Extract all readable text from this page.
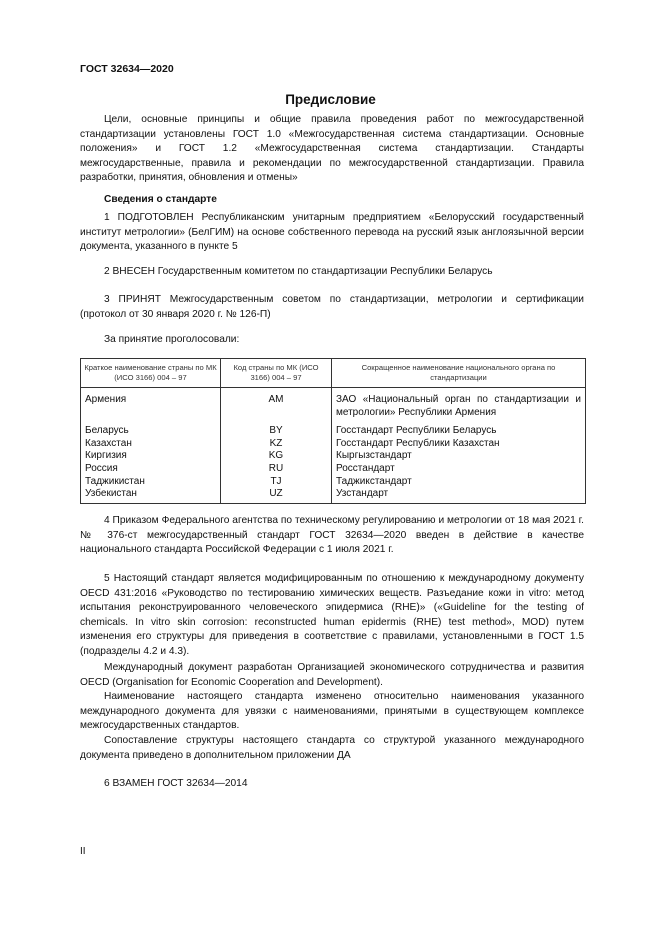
ГОСТ 32634—2020
Предисловие

Цели, основные принципы и общие правила проведения работ по межгосударственной стандартизации установлены ГОСТ 1.0 «Межгосударственная система стандартизации. Основные положения» и ГОСТ 1.2 «Межгосударственная система стандартизации. Стандарты межгосударственные, правила и рекомендации по межгосударственной стандартизации. Правила разработки, принятия, обновления и отмены»

Сведения о стандарте

1 ПОДГОТОВЛЕН Республиканским унитарным предприятием «Белорусский государственный институт метрологии» (БелГИМ) на основе собственного перевода на русский язык англоязычной версии документа, указанного в пункте 5

2 ВНЕСЕН Государственным комитетом по стандартизации Республики Беларусь

3 ПРИНЯТ Межгосударственным советом по стандартизации, метрологии и сертификации (протокол от 30 января 2020 г. № 126-П)

За принятие проголосовали:

Краткое наименование страны по МК (ИСО 3166) 004 – 97	Код страны по МК (ИСО 3166) 004 – 97	Сокращенное наименование национального органа по стандартизации
Армения	AM	ЗАО «Национальный орган по стандартизации и метрологии» Республики Армения
Беларусь	BY	Госстандарт Республики Беларусь
Казахстан	KZ	Госстандарт Республики Казахстан
Киргизия	KG	Кыргызстандарт
Россия	RU	Росстандарт
Таджикистан	TJ	Таджикстандарт
Узбекистан	UZ	Узстандарт

4 Приказом Федерального агентства по техническому регулированию и метрологии от 18 мая 2021 г. № 376-ст межгосударственный стандарт ГОСТ 32634—2020 введен в действие в качестве национального стандарта Российской Федерации с 1 июля 2021 г.

5 Настоящий стандарт является модифицированным по отношению к международному документу OECD 431:2016 «Руководство по тестированию химических веществ. Разъедание кожи in vitro: метод испытания реконструированного человеческого эпидермиса (RHE)» («Guideline for the testing of chemicals. In vitro skin corrosion: reconstructed human epidermis (RHE) test method», MOD) путем изменения его структуры для приведения в соответствие с правилами, установленными в ГОСТ 1.5 (подразделы 4.2 и 4.3).

Международный документ разработан Организацией экономического сотрудничества и развития OECD (Organisation for Economic Cooperation and Development).

Наименование настоящего стандарта изменено относительно наименования указанного международного документа для увязки с наименованиями, принятыми в существующем комплексе межгосударственных стандартов.

Сопоставление структуры настоящего стандарта со структурой указанного международного документа приведено в дополнительном приложении ДА

6 ВЗАМЕН ГОСТ 32634—2014

II
